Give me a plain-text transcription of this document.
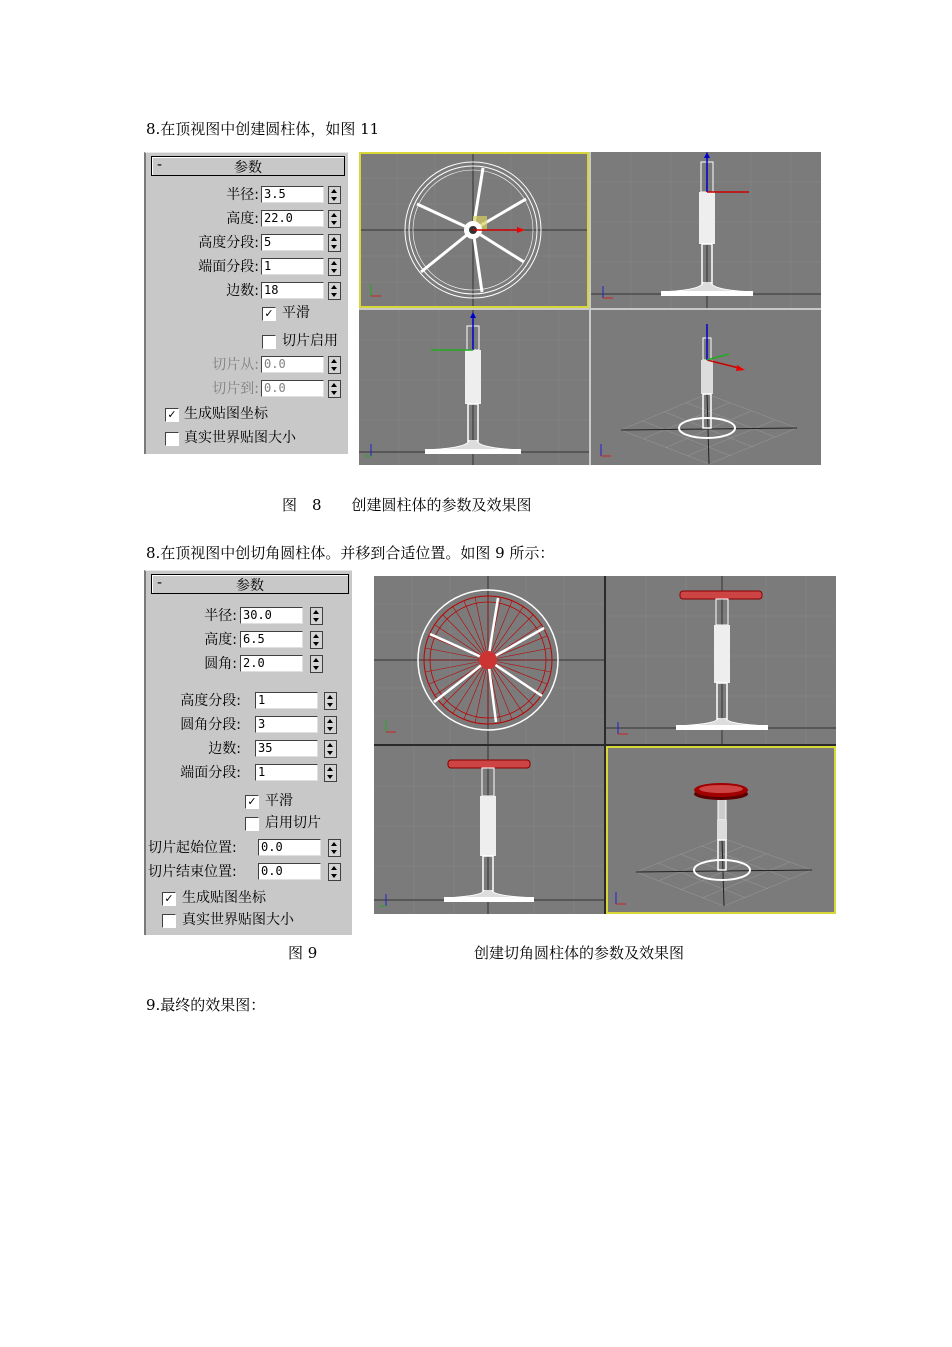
8.在顶视图中创建圆柱体，如图 11
-	参数
半径: 3.5
高度: 22.0
高度分段: 5
端面分段: 1
边数: 18
✓ 平滑
切片启用
切片从: 0.0
切片到: 0.0
✓ 生成贴图坐标
真实世界贴图大小
图　8　　创建圆柱体的参数及效果图
8.在顶视图中创切角圆柱体。并移到合适位置。如图 9 所示：
-	参数
半径: 30.0
高度: 6.5
圆角: 2.0
高度分段: 1
圆角分段: 3
边数: 35
端面分段: 1
✓ 平滑
启用切片
切片起始位置:	0.0
切片结束位置:	0.0
✓ 生成贴图坐标
真实世界贴图大小
图 9	创建切角圆柱体的参数及效果图
9.最终的效果图：
